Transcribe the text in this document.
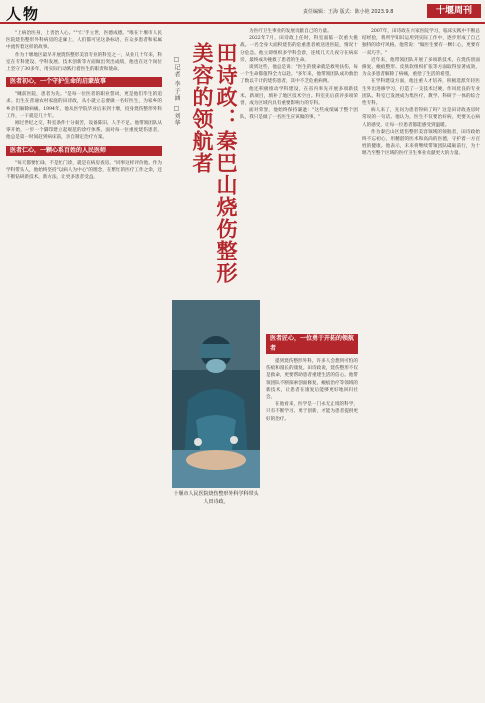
人物	责任编辑：王海 版式：陈小艳 2023.9.8	十堰周刊

"上病治医身，上善治人心。""'仁'手立世，医德成德。"唯在十堰市人民医院烧伤整形外科病房的走廊上，人们都可见这条标语，在众多患者和家属中流传着这样的故事。

作为十堰地区最早开展烧伤整形美容专业的科室之一，从业几十年来，科室在专科建设、学科发展、技术创新等方面做出突出成绩，他也在这个岗位上坚守了30多年，用实际行动践行着医生的职责和使命。

医者初心，一个守护生命的启蒙故事

"睡前医院，患者为先。"是每一位医者的职业誓词，更是他们毕生的追求。出生在普通农村家庭的田诗政，从小就立志要做一名好医生，为家乡的乡亲们解除病痛。1994年，他从医学院毕业后来到十堰，投身烧伤整形外科工作，一干就是几十年。

刚过世纪之交，科室条件十分艰苦，设备陈旧、人手不足。他带领团队从零开始，一步一个脚印建立起规范的诊疗体系。面对每一位重度烧伤患者，他总是第一时间赶到病床前，亲自制定治疗方案。

医者仁心，一颗心系百姓的人民医师

"每天都要忙碌，不是忙门诊，就是在病房查房。"同事这样评价他。作为学科带头人，他始终坚持"以病人为中心"的理念，在繁忙的医疗工作之余，还不断钻研新技术、新方法，让更多患者受益。

□记者 李子涵 □刘华	田诗政：秦巴山烧伤整形美容的领航者
十堰市人民医院烧伤整形外科学科带头人田诗政。

为医疗卫生事业的发展贡献自己的力量。

2022年7月，田诗政上任时，科室面临一次重大挑战。一名全身大面积烧伤的危重患者被送进医院，情况十分危急。他立即组织多学科会诊，连续几天几夜守在病床旁，最终成功挽救了患者的生命。

谈到这些，他总是说："医生的使命就是救死扶伤，每一个生命都值得全力以赴。"多年来，他带领团队成功救治了数以千计的烧伤患者，其中不乏危重病例。

他还积极推动学科建设，在省内率先开展多项新技术、新项目，填补了地区技术空白。科室先后获评多项荣誉，成为区域内具有重要影响力的专科。

面对荣誉，他始终保持谦逊："这些成绩属于整个团队，我只是做了一名医生应该做的事。"

医者匠心，一位勇于开拓的领航者

提到烧伤整形外科，许多人会想到可怕的伤痕和漫长的康复。田诗政说，烧伤整形不仅是救命，更要帮助患者重建生活的信心。他带领团队不断探索创面修复、瘢痕治疗等领域的新技术，让患者在康复后能够更好地回归社会。

在他看来，医学是一门永无止境的科学，只有不断学习、勇于创新，才能为患者提供更好的治疗。

2007年，田诗政在兴家医院学习，临床实践中不断总结经验，将所学知识运用到实际工作中，逐步形成了自己独特的诊疗风格。他常说："做医生要有一颗仁心，更要有一双巧手。"

近年来，他带领团队开展了多项新技术，在烧伤创面修复、瘢痕整形、皮肤软组织扩张等方面取得显著成效，为众多患者解除了病痛，重拾了生活的希望。

在学科建设方面，他注重人才培养，积极选派年轻医生外出进修学习，打造了一支技术过硬、作风优良的专业团队。科室已发展成为集医疗、教学、科研于一体的综合性专科。

病人来了，先问为患者得病了吗？这是田诗政查房时常说的一句话。他认为，医生不仅要治好病，更要关心病人的感受，让每一位患者都能感受到温暖。

作为秦巴山区烧伤整形美容领域的领航者，田诗政始终不忘初心，用精湛的医术和高尚的医德，守护着一方百姓的健康。他表示，未来将继续带领团队砥砺前行，为十堰乃至整个区域的医疗卫生事业贡献更大的力量。
